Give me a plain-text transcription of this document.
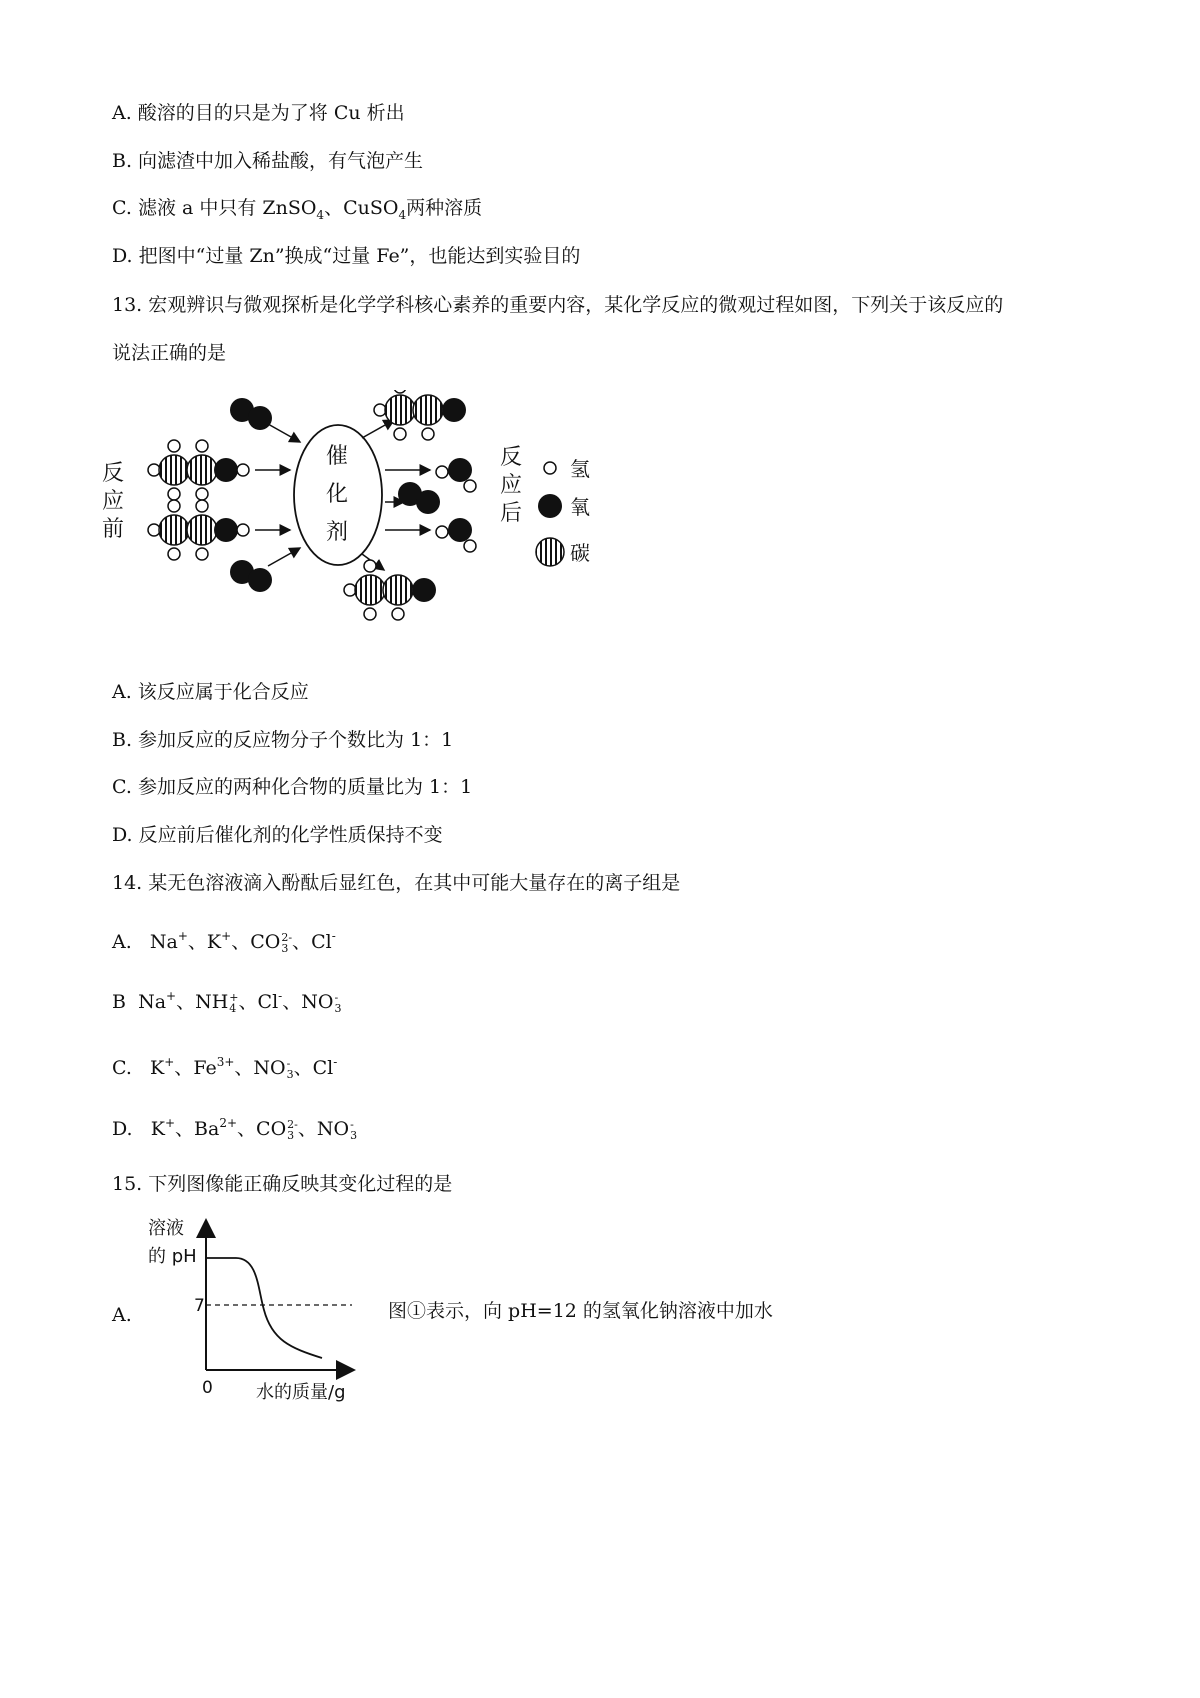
A. 酸溶的目的只是为了将 Cu 析出
B. 向滤渣中加入稀盐酸，有气泡产生
C. 滤液 a 中只有 ZnSO$_4$、CuSO$_4$两种溶质
D. 把图中“过量 Zn”换成“过量 Fe”，也能达到实验目的
13. 宏观辨识与微观探析是化学学科核心素养的重要内容，某化学反应的微观过程如图，下列关于该反应的
说法正确的是
反
应
前
催
化
剂
反
应
后
氢
氧
碳
A. 该反应属于化合反应
B. 参加反应的反应物分子个数比为 1：1
C. 参加反应的两种化合物的质量比为 1：1
D. 反应前后催化剂的化学性质保持不变
14. 某无色溶液滴入酚酞后显红色，在其中可能大量存在的离子组是
A. Na+、K+、CO 2-
3 、Cl-
B Na+、NH +
4 、Cl-、NO -
3
C. K+、$Fe^{3+}$、NO -
3 、Cl-
D. K+、$Ba^{2+}$、CO 2-
3 、NO -
3
15. 下列图像能正确反映其变化过程的是
A.
溶液
的 pH
7
0 水的质量/g
图①表示，向 pH=12 的氢氧化钠溶液中加水
